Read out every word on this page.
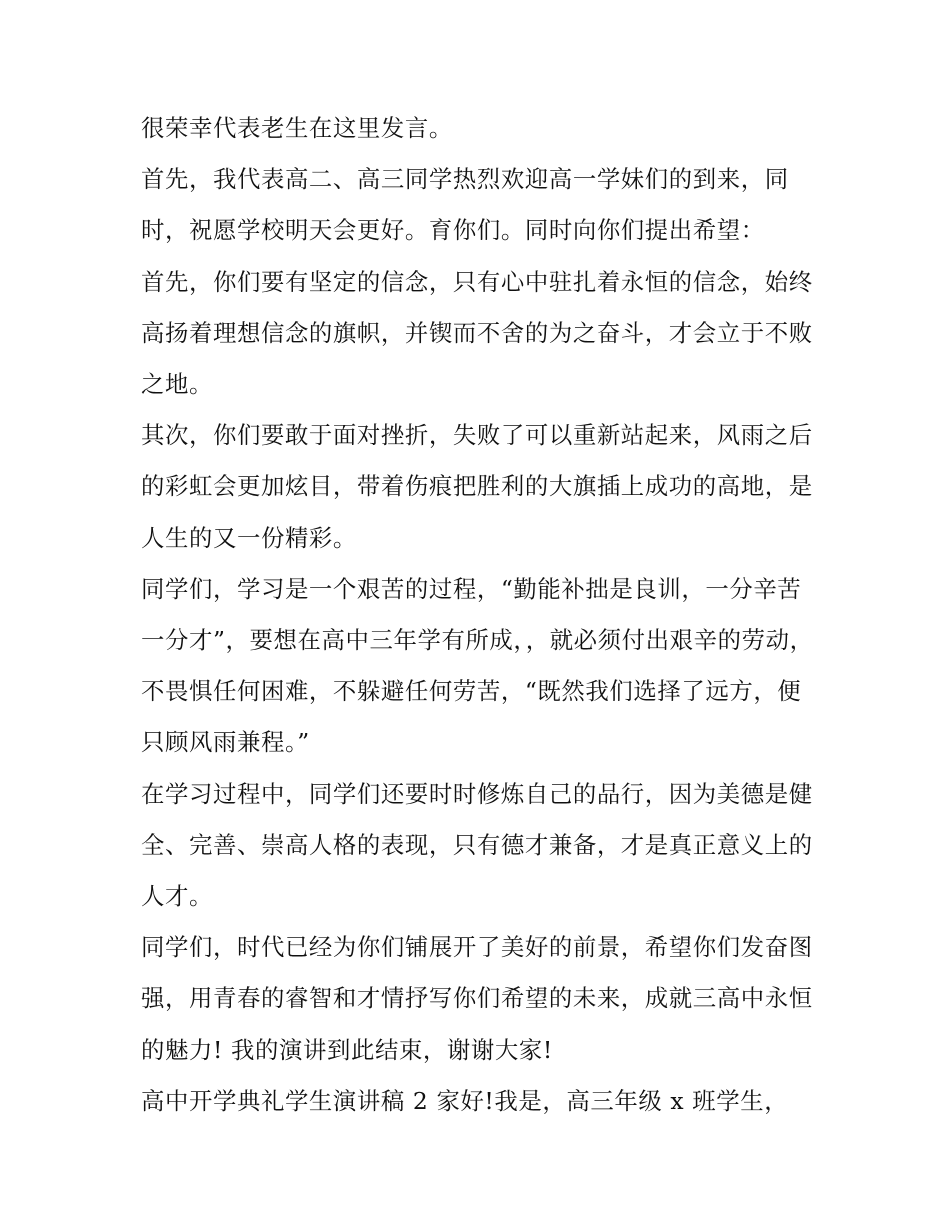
很荣幸代表老生在这里发言。

首先，我代表高二、高三同学热烈欢迎高一学妹们的到来，同时，祝愿学校明天会更好。育你们。同时向你们提出希望：

首先，你们要有坚定的信念，只有心中驻扎着永恒的信念，始终高扬着理想信念的旗帜，并锲而不舍的为之奋斗，才会立于不败之地。

其次，你们要敢于面对挫折，失败了可以重新站起来，风雨之后的彩虹会更加炫目，带着伤痕把胜利的大旗插上成功的高地，是人生的又一份精彩。

同学们，学习是一个艰苦的过程，“勤能补拙是良训，一分辛苦一分才”，要想在高中三年学有所成，，就必须付出艰辛的劳动，不畏惧任何困难，不躲避任何劳苦，“既然我们选择了远方，便只顾风雨兼程。”

在学习过程中，同学们还要时时修炼自己的品行，因为美德是健全、完善、崇高人格的表现，只有德才兼备，才是真正意义上的人才。

同学们，时代已经为你们铺展开了美好的前景，希望你们发奋图强，用青春的睿智和才情抒写你们希望的未来，成就三高中永恒的魅力! 我的演讲到此结束，谢谢大家!

高中开学典礼学生演讲稿 2 家好!我是，高三年级 x 班学生，
